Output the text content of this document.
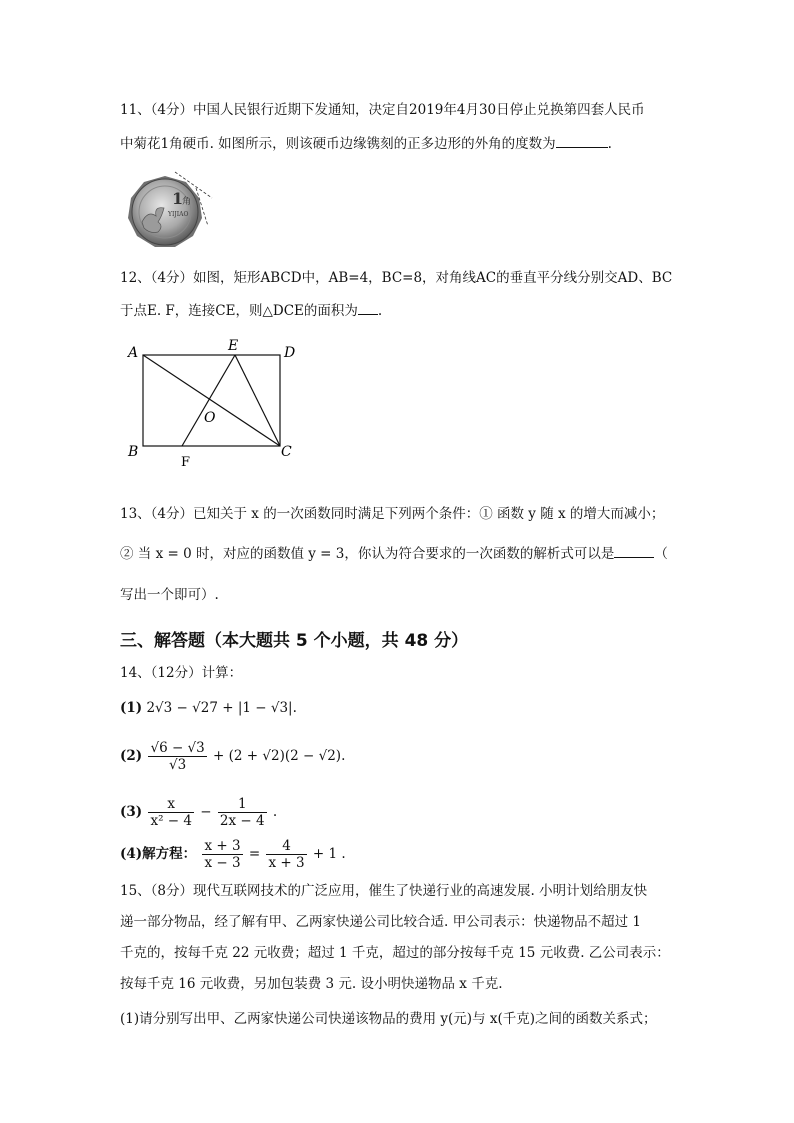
11、（4分）中国人民银行近期下发通知，决定自2019年4月30日停止兑换第四套人民币
中菊花1角硬币. 如图所示，则该硬币边缘镌刻的正多边形的外角的度数为	.
1
角
YIJIAO
12、（4分）如图，矩形ABCD中，AB=4，BC=8，对角线AC的垂直平分线分别交AD、BC
于点E. F，连接CE，则△DCE的面积为 .
A	E	D
O
B
F
C
13、（4分）已知关于 x 的一次函数同时满足下列两个条件：① 函数 y 随 x 的增大而减小；
② 当 x = 0 时，对应的函数值 y = 3，你认为符合要求的一次函数的解析式可以是	（
写出一个即可）.
三、解答题（本大题共 5 个小题，共 48 分）
14、（12分）计算：
(1) 2√3 − √27 + |1 − √3|.
$(2) \frac{√6 - √3}{√3} + (2 + √2)(2 - √2)$.
$(3) \frac{x}{\text{x² − 4}} - \frac{1}{2x - 4}$ .
(4)解方程： $\frac{x + 3}{x - 3} = \frac{4}{x + 3} + 1$ .
15、（8分）现代互联网技术的广泛应用，催生了快递行业的高速发展. 小明计划给朋友快
递一部分物品，经了解有甲、乙两家快递公司比较合适. 甲公司表示：快递物品不超过 1
千克的，按每千克 22 元收费；超过 1 千克，超过的部分按每千克 15 元收费. 乙公司表示：
按每千克 16 元收费，另加包装费 3 元. 设小明快递物品 x 千克.
(1)请分别写出甲、乙两家快递公司快递该物品的费用 y(元)与 x(千克)之间的函数关系式；
